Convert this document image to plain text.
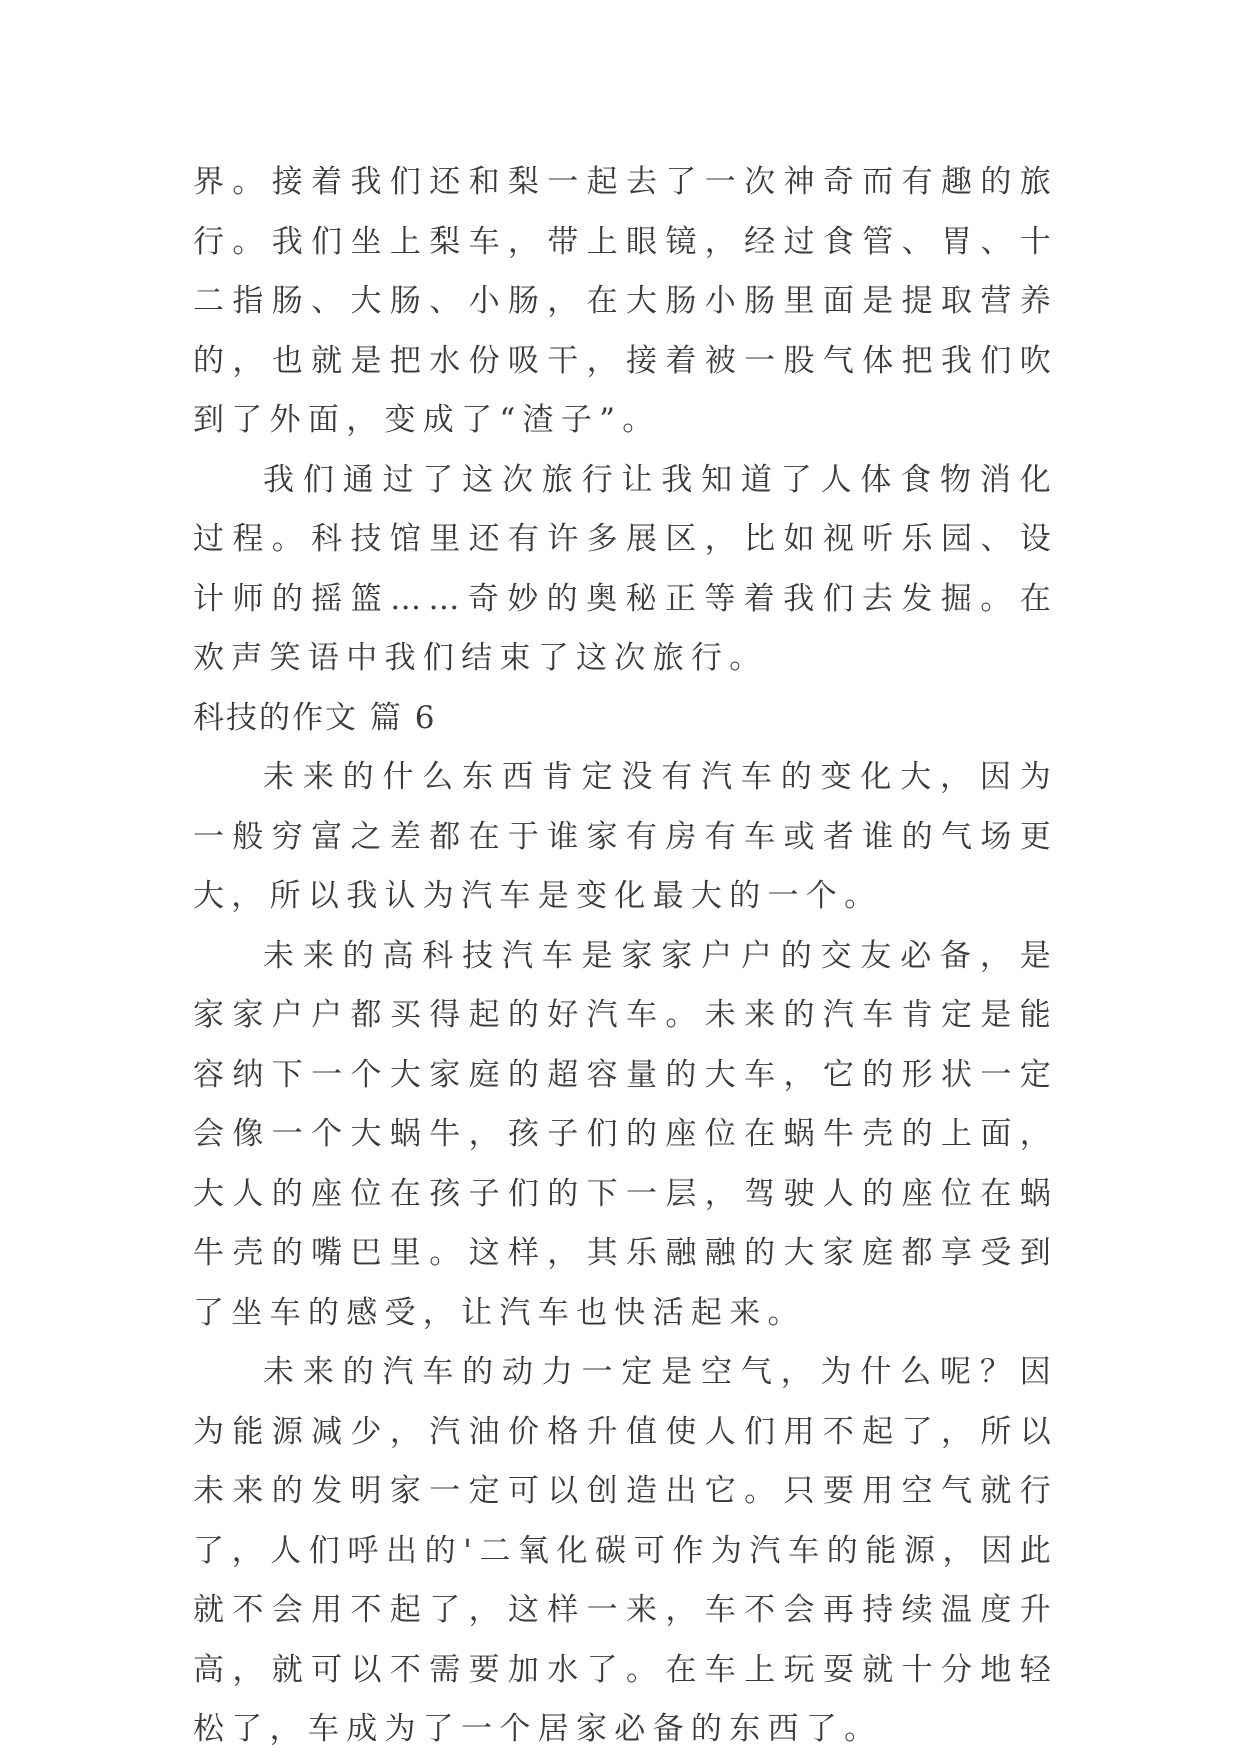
界。接着我们还和梨一起去了一次神奇而有趣的旅行。我们坐上梨车，带上眼镜，经过食管、胃、十二指肠、大肠、小肠，在大肠小肠里面是提取营养的，也就是把水份吸干，接着被一股气体把我们吹到了外面，变成了“渣子”。

我们通过了这次旅行让我知道了人体食物消化过程。科技馆里还有许多展区，比如视听乐园、设计师的摇篮……奇妙的奥秘正等着我们去发掘。在欢声笑语中我们结束了这次旅行。

科技的作文 篇 6

未来的什么东西肯定没有汽车的变化大，因为一般穷富之差都在于谁家有房有车或者谁的气场更大，所以我认为汽车是变化最大的一个。

未来的高科技汽车是家家户户的交友必备，是家家户户都买得起的好汽车。未来的汽车肯定是能容纳下一个大家庭的超容量的大车，它的形状一定会像一个大蜗牛，孩子们的座位在蜗牛壳的上面，大人的座位在孩子们的下一层，驾驶人的座位在蜗牛壳的嘴巴里。这样，其乐融融的大家庭都享受到了坐车的感受，让汽车也快活起来。

未来的汽车的动力一定是空气，为什么呢？因为能源减少，汽油价格升值使人们用不起了，所以未来的发明家一定可以创造出它。只要用空气就行了，人们呼出的'二氧化碳可作为汽车的能源，因此就不会用不起了，这样一来，车不会再持续温度升高，就可以不需要加水了。在车上玩耍就十分地轻松了，车成为了一个居家必备的东西了。
